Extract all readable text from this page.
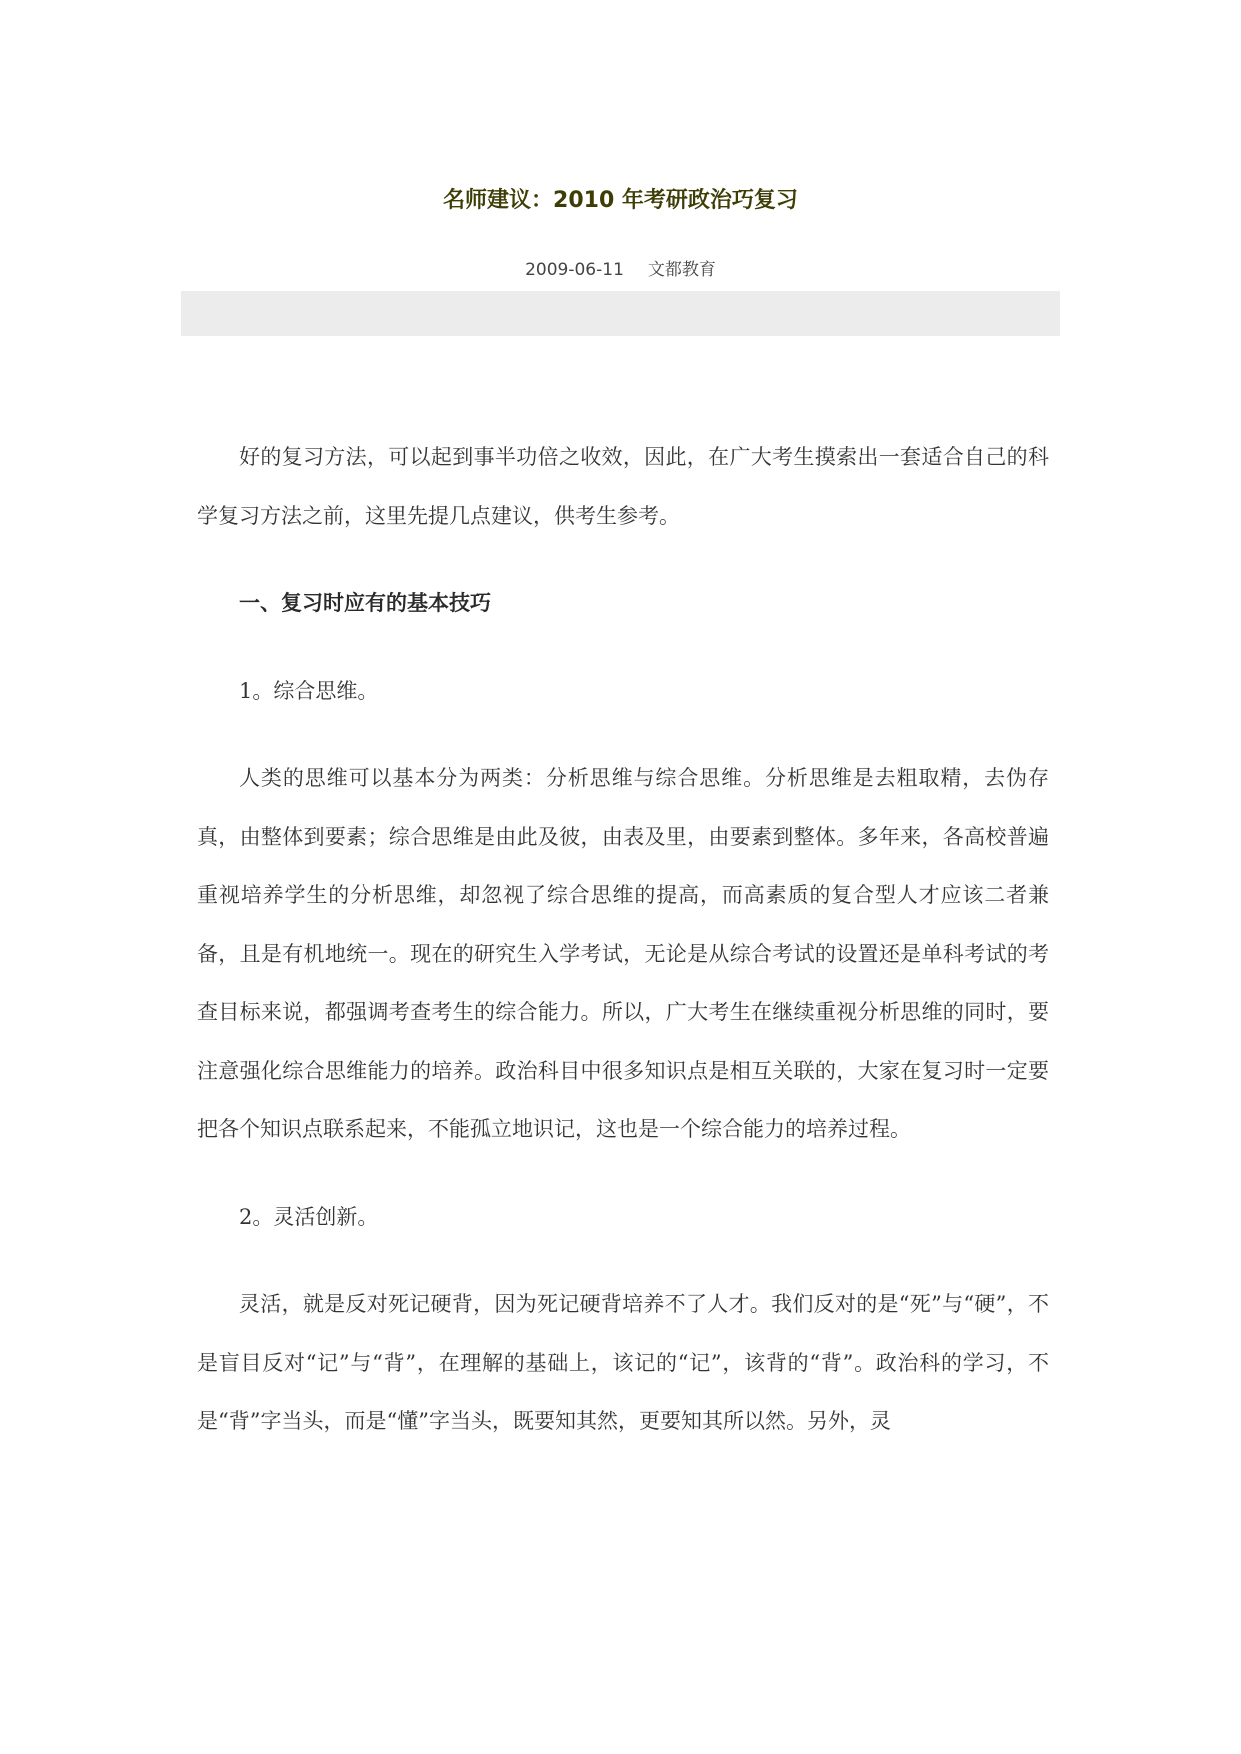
名师建议：2010 年考研政治巧复习
2009-06-11 文都教育

好的复习方法，可以起到事半功倍之收效，因此，在广大考生摸索出一套适合自己的科学复习方法之前，这里先提几点建议，供考生参考。

一、复习时应有的基本技巧

1。综合思维。

人类的思维可以基本分为两类：分析思维与综合思维。分析思维是去粗取精，去伪存真，由整体到要素；综合思维是由此及彼，由表及里，由要素到整体。多年来，各高校普遍重视培养学生的分析思维，却忽视了综合思维的提高，而高素质的复合型人才应该二者兼备，且是有机地统一。现在的研究生入学考试，无论是从综合考试的设置还是单科考试的考查目标来说，都强调考查考生的综合能力。所以，广大考生在继续重视分析思维的同时，要注意强化综合思维能力的培养。政治科目中很多知识点是相互关联的，大家在复习时一定要把各个知识点联系起来，不能孤立地识记，这也是一个综合能力的培养过程。

2。灵活创新。

灵活，就是反对死记硬背，因为死记硬背培养不了人才。我们反对的是“死”与“硬”，不是盲目反对“记”与“背”，在理解的基础上，该记的“记”，该背的“背”。政治科的学习，不是“背”字当头，而是“懂”字当头，既要知其然，更要知其所以然。另外，灵
